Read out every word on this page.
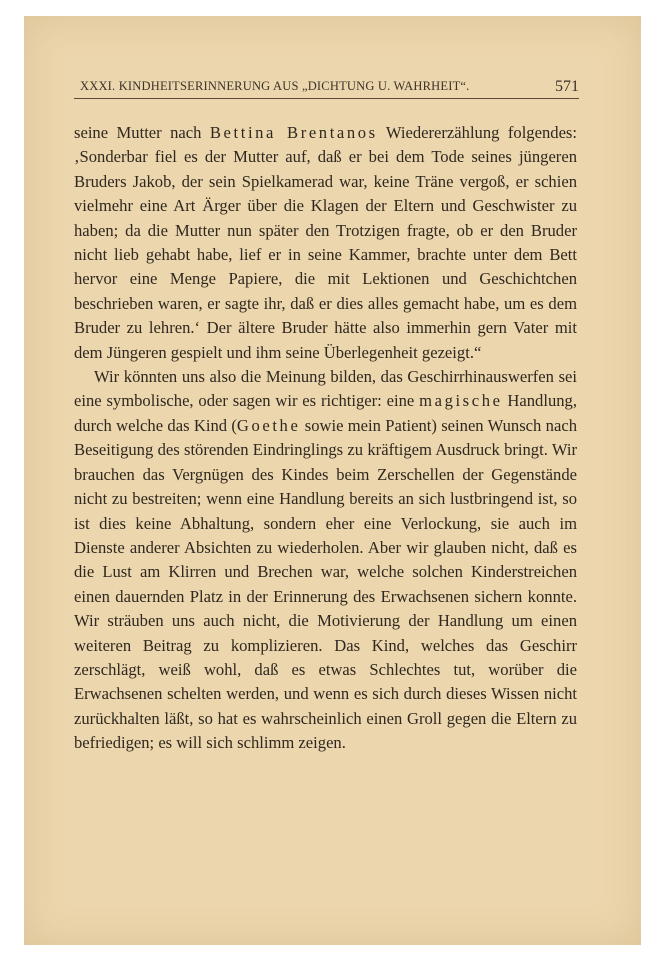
XXXI. KINDHEITSERINNERUNG AUS „DICHTUNG U. WAHRHEIT“.	571

seine Mutter nach Bettina Brentanos Wiedererzählung folgendes: ‚Sonderbar fiel es der Mutter auf, daß er bei dem Tode seines jüngeren Bruders Jakob, der sein Spielkamerad war, keine Träne vergoß, er schien vielmehr eine Art Ärger über die Klagen der Eltern und Geschwister zu haben; da die Mutter nun später den Trotzigen fragte, ob er den Bruder nicht lieb gehabt habe, lief er in seine Kammer, brachte unter dem Bett hervor eine Menge Papiere, die mit Lektionen und Geschichtchen beschrieben waren, er sagte ihr, daß er dies alles gemacht habe, um es dem Bruder zu lehren.‘ Der ältere Bruder hätte also immerhin gern Vater mit dem Jüngeren gespielt und ihm seine Überlegenheit gezeigt.“

Wir könnten uns also die Meinung bilden, das Geschirrhinauswerfen sei eine symbolische, oder sagen wir es richtiger: eine magische Handlung, durch welche das Kind (Goethe sowie mein Patient) seinen Wunsch nach Beseitigung des störenden Eindringlings zu kräftigem Ausdruck bringt. Wir brauchen das Vergnügen des Kindes beim Zerschellen der Gegenstände nicht zu bestreiten; wenn eine Handlung bereits an sich lustbringend ist, so ist dies keine Abhaltung, sondern eher eine Verlockung, sie auch im Dienste anderer Absichten zu wiederholen. Aber wir glauben nicht, daß es die Lust am Klirren und Brechen war, welche solchen Kinderstreichen einen dauernden Platz in der Erinnerung des Erwachsenen sichern konnte. Wir sträuben uns auch nicht, die Motivierung der Handlung um einen weiteren Beitrag zu komplizieren. Das Kind, welches das Geschirr zerschlägt, weiß wohl, daß es etwas Schlechtes tut, worüber die Erwachsenen schelten werden, und wenn es sich durch dieses Wissen nicht zurückhalten läßt, so hat es wahrscheinlich einen Groll gegen die Eltern zu befriedigen; es will sich schlimm zeigen.
